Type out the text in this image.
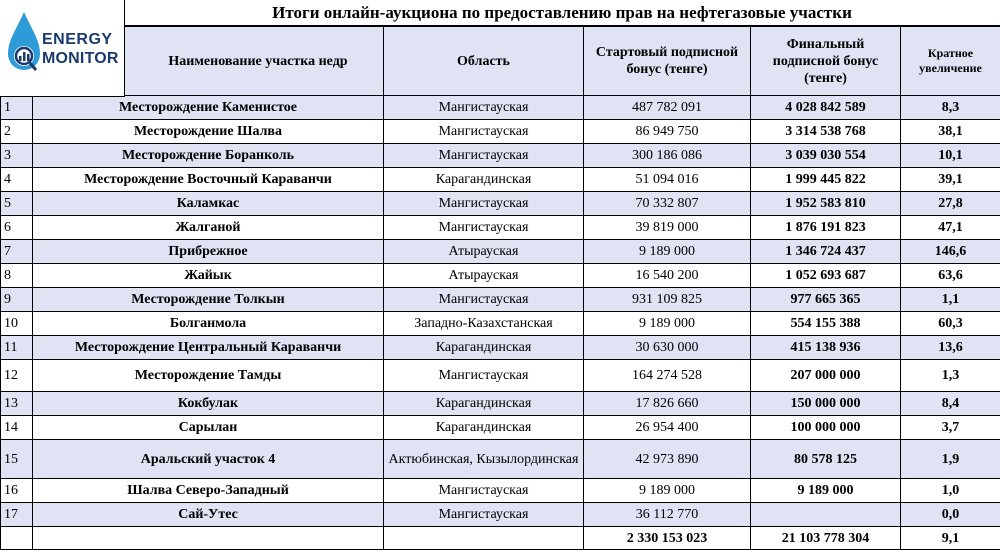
ENERGY
MONITOR
Итоги онлайн-аукциона по предоставлению прав на нефтегазовые участки
	Наименование участка недр	Область	Стартовый подписной бонус (тенге)	Финальный подписной бонус (тенге)	Кратное увеличение

1	Месторождение Каменистое	Мангистауская	487 782 091	4 028 842 589	8,3
2	Месторождение Шалва	Мангистауская	86 949 750	3 314 538 768	38,1
3	Месторождение Боранколь	Мангистауская	300 186 086	3 039 030 554	10,1
4	Месторождение Восточный Караванчи	Карагандинская	51 094 016	1 999 445 822	39,1
5	Каламкас	Мангистауская	70 332 807	1 952 583 810	27,8
6	Жалганой	Мангистауская	39 819 000	1 876 191 823	47,1
7	Прибрежное	Атырауская	9 189 000	1 346 724 437	146,6
8	Жайык	Атырауская	16 540 200	1 052 693 687	63,6
9	Месторождение Толкын	Мангистауская	931 109 825	977 665 365	1,1
10	Болганмола	Западно-Казахстанская	9 189 000	554 155 388	60,3
11	Месторождение Центральный Караванчи	Карагандинская	30 630 000	415 138 936	13,6
12	Месторождение Тамды	Мангистауская	164 274 528	207 000 000	1,3
13	Кокбулак	Карагандинская	17 826 660	150 000 000	8,4
14	Сарылан	Карагандинская	26 954 400	100 000 000	3,7
15	Аральский участок 4	Актюбинская, Кызылординская	42 973 890	80 578 125	1,9
16	Шалва Северо-Западный	Мангистауская	9 189 000	9 189 000	1,0
17	Сай-Утес	Мангистауская	36 112 770		0,0
			2 330 153 023	21 103 778 304	9,1
